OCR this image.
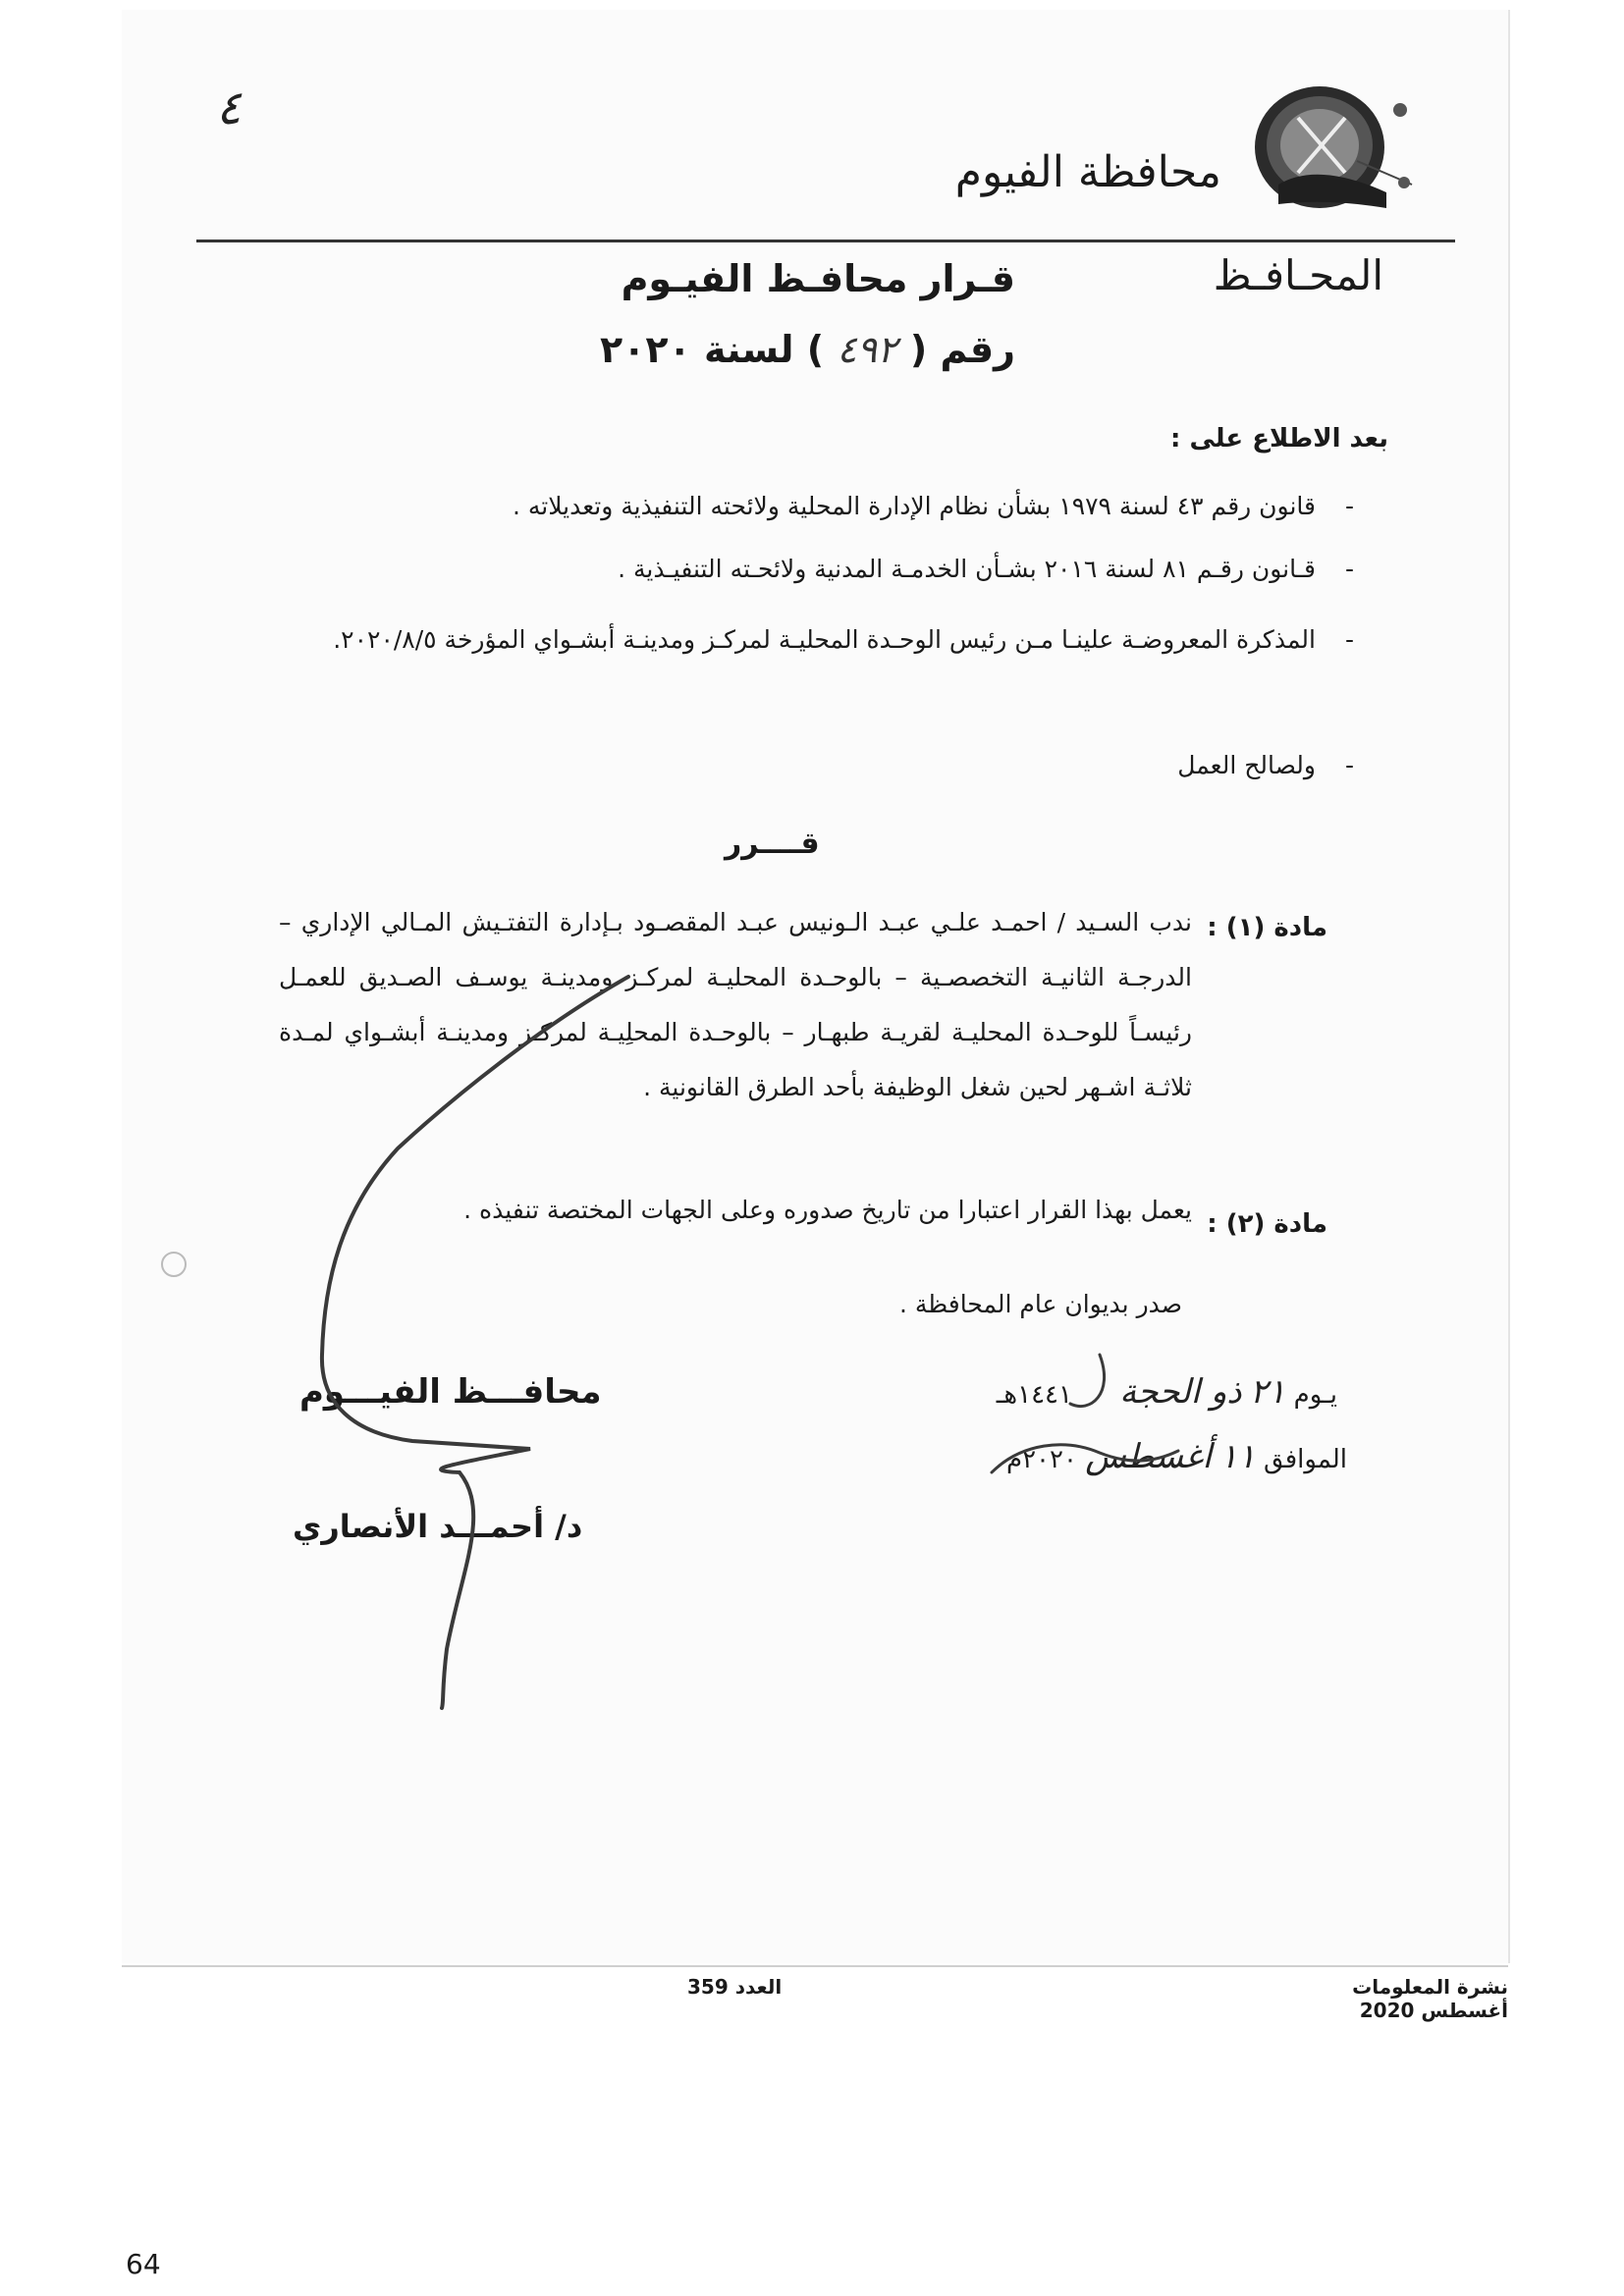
محافظة الفيوم
٤
المحـافـظ
قـرار محافـظ الفيـوم
رقم ( ٤٩٢ ) لسنة ٢٠٢٠
بعد الاطلاع على :
-قانون رقم ٤٣ لسنة ١٩٧٩ بشأن نظام الإدارة المحلية ولائحته التنفيذية وتعديلاته .
-قـانون رقـم ٨١ لسنة ٢٠١٦ بشـأن الخدمـة المدنية ولائحـته التنفيـذية .
-المذكرة المعروضـة علينـا مـن رئيس الوحـدة المحليـة لمركـز ومدينـة أبشـواي المؤرخة ٢٠٢٠/٨/٥.
-ولصالح العمل
قــــرر
مادة (١) :
ندب السـيد / احمـد علـي عبـد الـونيس عبـد المقصـود بـإدارة التفتـيش المـالي الإداري – الدرجـة الثانيـة التخصصـية – بالوحـدة المحليـة لمركـز ومدينـة يوسـف الصـديق للعمـل رئيسـاً للوحـدة المحليـة لقريـة طبهـار – بالوحـدة المحلِيـة لمركـز ومدينـة أبشـواي لمـدة ثلاثـة اشـهر لحين شغل الوظيفة بأحد الطرق القانونية .
مادة (٢) :
يعمل بهذا القرار اعتبارا من تاريخ صدوره وعلى الجهات المختصة تنفيذه .
صدر بديوان عام المحافظة .
يـوم ٢١ ذو الحجة ١٤٤١هـ
الموافق ١١ أغسطس ٢٠٢٠م
محافـــظ الفيـــوم
د/ أحمـــد الأنصاري
العدد 359	نشرة المعلومات
أغسطس 2020
64
